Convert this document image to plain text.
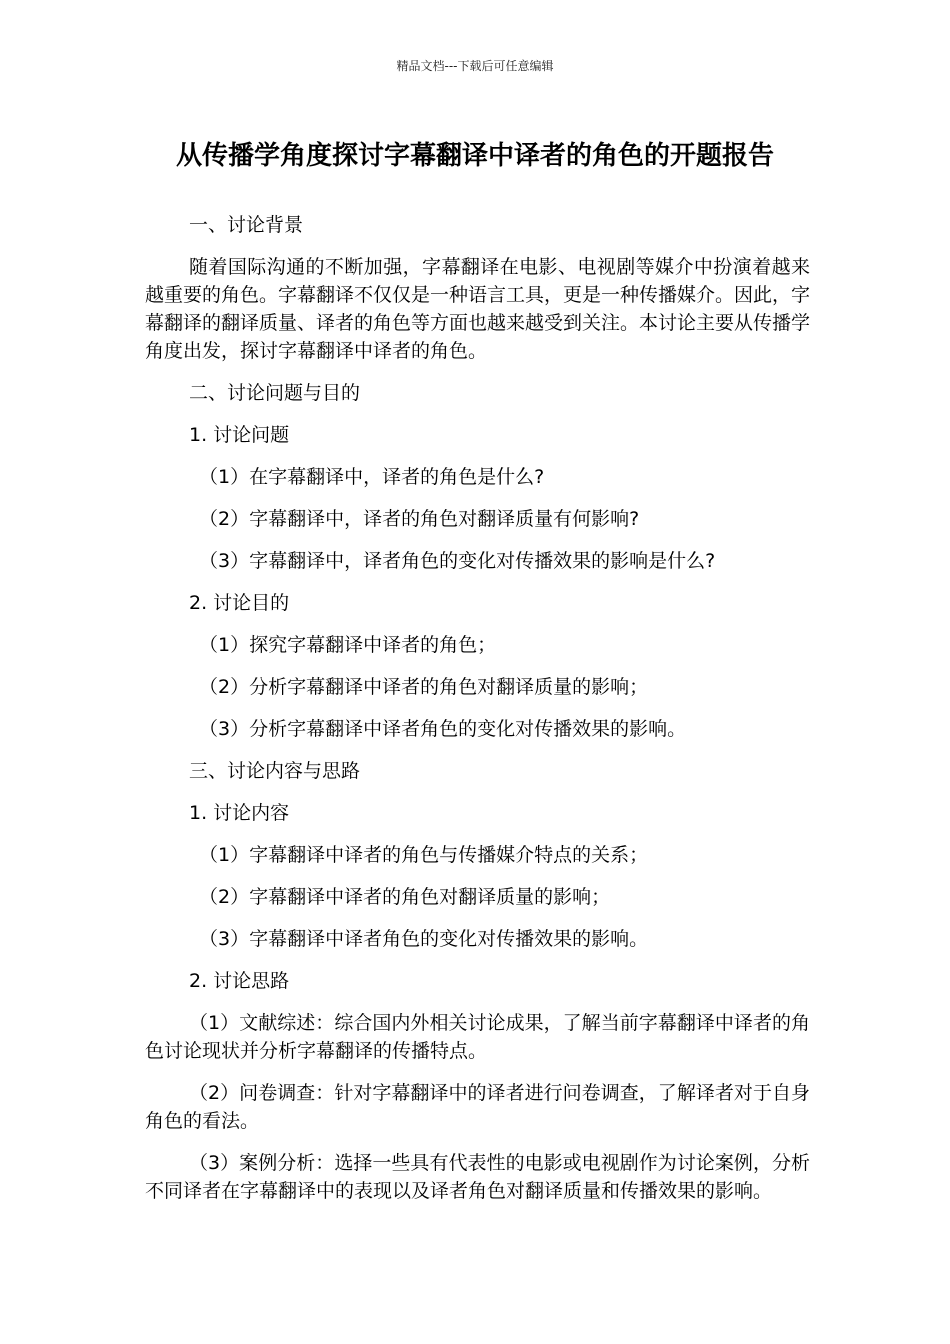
精品文档---下载后可任意编辑
从传播学角度探讨字幕翻译中译者的角色的开题报告
一、讨论背景

随着国际沟通的不断加强，字幕翻译在电影、电视剧等媒介中扮演着越来越重要的角色。字幕翻译不仅仅是一种语言工具，更是一种传播媒介。因此，字幕翻译的翻译质量、译者的角色等方面也越来越受到关注。本讨论主要从传播学角度出发，探讨字幕翻译中译者的角色。

二、讨论问题与目的
1. 讨论问题
（1）在字幕翻译中，译者的角色是什么?
（2）字幕翻译中，译者的角色对翻译质量有何影响?
（3）字幕翻译中，译者角色的变化对传播效果的影响是什么?
2. 讨论目的
（1）探究字幕翻译中译者的角色；
（2）分析字幕翻译中译者的角色对翻译质量的影响；
（3）分析字幕翻译中译者角色的变化对传播效果的影响。
三、讨论内容与思路
1. 讨论内容
（1）字幕翻译中译者的角色与传播媒介特点的关系；
（2）字幕翻译中译者的角色对翻译质量的影响；
（3）字幕翻译中译者角色的变化对传播效果的影响。
2. 讨论思路

（1）文献综述：综合国内外相关讨论成果，了解当前字幕翻译中译者的角色讨论现状并分析字幕翻译的传播特点。

（2）问卷调查：针对字幕翻译中的译者进行问卷调查，了解译者对于自身角色的看法。

（3）案例分析：选择一些具有代表性的电影或电视剧作为讨论案例，分析不同译者在字幕翻译中的表现以及译者角色对翻译质量和传播效果的影响。
